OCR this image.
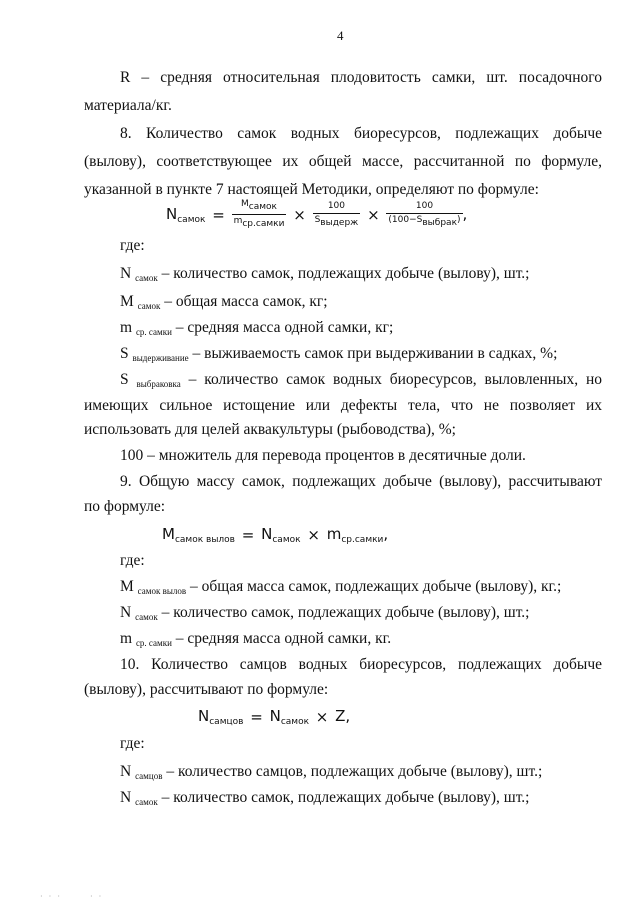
4
R – средняя относительная плодовитость самки, шт. посадочного
материала/кг.
8. Количество самок водных биоресурсов, подлежащих добыче
(вылову), соответствующее их общей массе, рассчитанной по формуле,
указанной в пункте 7 настоящей Методики, определяют по формуле:
$N_{самок} = \frac{M_{самок}}{m_{ср.самки}} \times \frac{100}{S_{выдерж}} \times \frac{100}{(100-S_{выбрак})}$ ,
где:
N $_{самок}$ – количество самок, подлежащих добыче (вылову), шт.;
M $_{самок}$ – общая масса самок, кг;
m $_{ср. самки}$ – средняя масса одной самки, кг;
S $_{выдерживание}$ – выживаемость самок при выдерживании в садках, %;
S $_{выбраковка}$ – количество самок водных биоресурсов, выловленных, но
имеющих сильное истощение или дефекты тела, что не позволяет их
использовать для целей аквакультуры (рыбоводства), %;
100 – множитель для перевода процентов в десятичные доли.
9. Общую массу самок, подлежащих добыче (вылову), рассчитывают
по формуле:
$M_{самок вылов} = N_{самок} \times m_{ср.самки}$,
где:
M $_{самок вылов}$ – общая масса самок, подлежащих добыче (вылову), кг.;
N $_{самок}$ – количество самок, подлежащих добыче (вылову), шт.;
m $_{ср. самки}$ – средняя масса одной самки, кг.
10. Количество самцов водных биоресурсов, подлежащих добыче
(вылову), рассчитывают по формуле:
$N_{самцов} = N_{самок} \times Z$,
где:
N $_{самцов}$ – количество самцов, подлежащих добыче (вылову), шт.;
N $_{самок}$ – количество самок, подлежащих добыче (вылову), шт.;
· · ·	· ·
